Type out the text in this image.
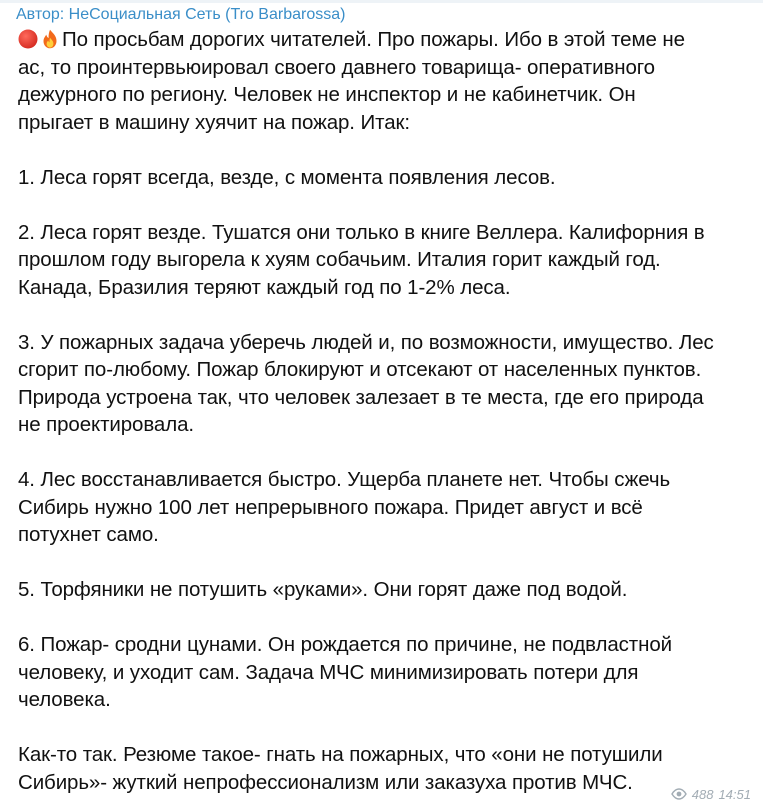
Автор: НеСоциальная Сеть (Tro Barbarossa)
По просьбам дорогих читателей. Про пожары. Ибо в этой теме не
ас, то проинтервьюировал своего давнего товарища- оперативного
дежурного по региону. Человек не инспектор и не кабинетчик. Он
прыгает в машину хуячит на пожар. Итак:
1. Леса горят всегда, везде, с момента появления лесов.
2. Леса горят везде. Тушатся они только в книге Веллера. Калифорния в
прошлом году выгорела к хуям собачьим. Италия горит каждый год.
Канада, Бразилия теряют каждый год по 1-2% леса.
3. У пожарных задача уберечь людей и, по возможности, имущество. Лес
сгорит по-любому. Пожар блокируют и отсекают от населенных пунктов.
Природа устроена так, что человек залезает в те места, где его природа
не проектировала.
4. Лес восстанавливается быстро. Ущерба планете нет. Чтобы сжечь
Сибирь нужно 100 лет непрерывного пожара. Придет август и всё
потухнет само.
5. Торфяники не потушить «руками». Они горят даже под водой.
6. Пожар- сродни цунами. Он рождается по причине, не подвластной
человеку, и уходит сам. Задача МЧС минимизировать потери для
человека.
Как-то так. Резюме такое- гнать на пожарных, что «они не потушили
Сибирь»- жуткий непрофессионализм или заказуха против МЧС.
488 14:51
